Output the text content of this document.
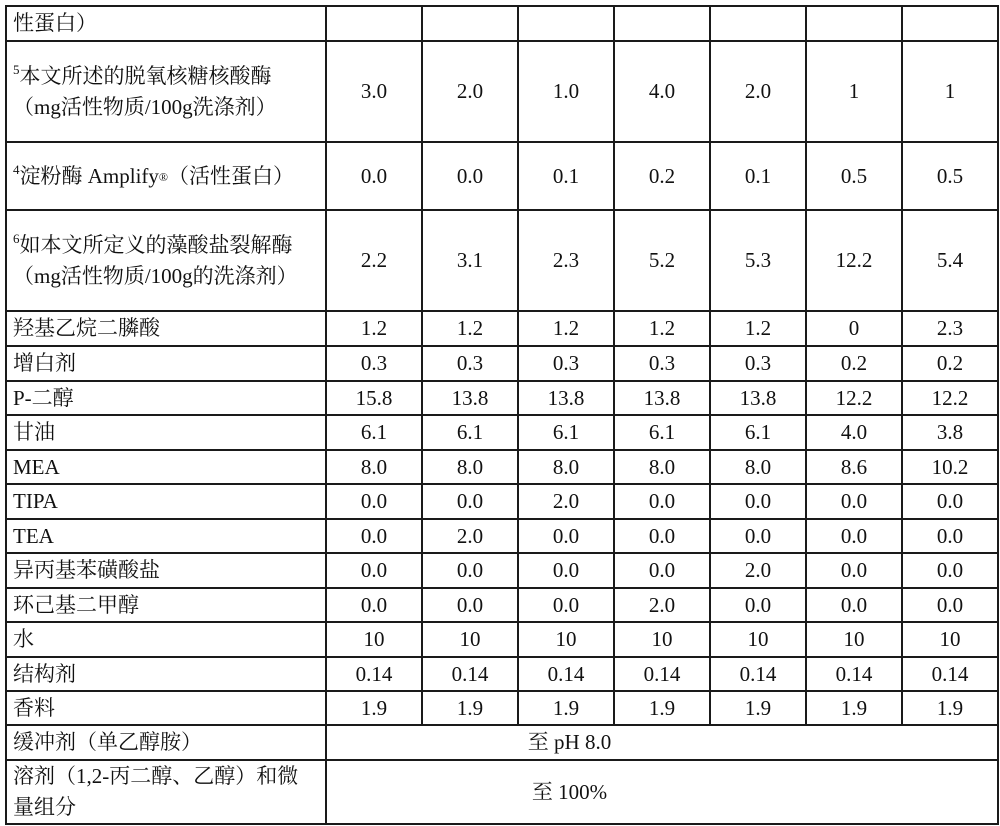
性蛋白）							
$^5$本文所述的脱氧核糖核酸酶（mg活性物质/100g洗涤剂）	3.0	2.0	1.0	4.0	2.0	1	1
$^4$淀粉酶 Amplify®（活性蛋白）	0.0	0.0	0.1	0.2	0.1	0.5	0.5
$^6$如本文所定义的藻酸盐裂解酶（mg活性物质/100g的洗涤剂）	2.2	3.1	2.3	5.2	5.3	12.2	5.4
羟基乙烷二膦酸	1.2	1.2	1.2	1.2	1.2	0	2.3
增白剂	0.3	0.3	0.3	0.3	0.3	0.2	0.2
P-二醇	15.8	13.8	13.8	13.8	13.8	12.2	12.2
甘油	6.1	6.1	6.1	6.1	6.1	4.0	3.8
MEA	8.0	8.0	8.0	8.0	8.0	8.6	10.2
TIPA	0.0	0.0	2.0	0.0	0.0	0.0	0.0
TEA	0.0	2.0	0.0	0.0	0.0	0.0	0.0
异丙基苯磺酸盐	0.0	0.0	0.0	0.0	2.0	0.0	0.0
环己基二甲醇	0.0	0.0	0.0	2.0	0.0	0.0	0.0
水	10	10	10	10	10	10	10
结构剂	0.14	0.14	0.14	0.14	0.14	0.14	0.14
香料	1.9	1.9	1.9	1.9	1.9	1.9	1.9
缓冲剂（单乙醇胺）	至 pH 8.0						
溶剂（1,2-丙二醇、乙醇）和微量组分	至 100%						
